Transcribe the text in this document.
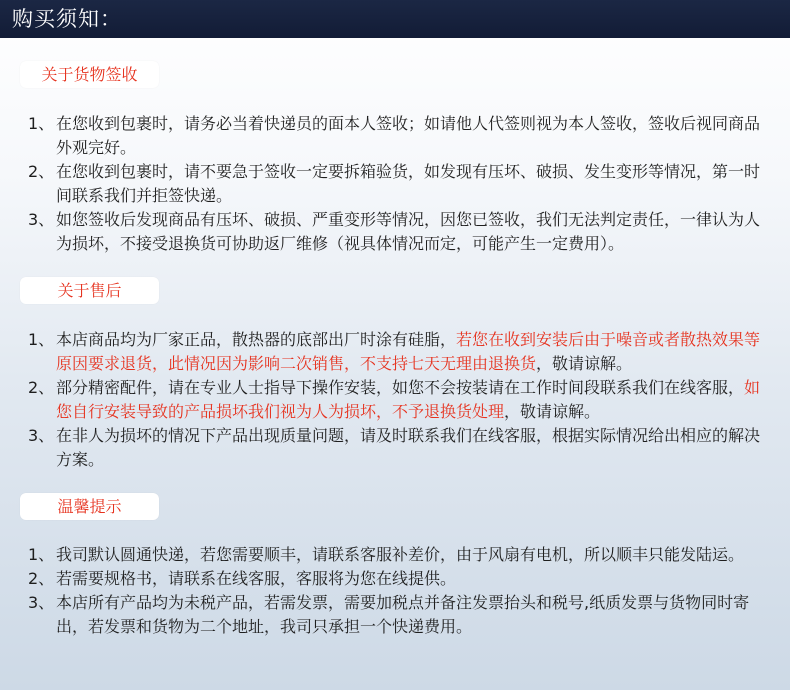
购买须知：
关于货物签收
1、 在您收到包裹时，请务必当着快递员的面本人签收；如请他人代签则视为本人签收，签收后视同商品外观完好。
2、 在您收到包裹时，请不要急于签收一定要拆箱验货，如发现有压坏、破损、发生变形等情况，第一时间联系我们并拒签快递。
3、 如您签收后发现商品有压坏、破损、严重变形等情况，因您已签收，我们无法判定责任，一律认为人为损坏，不接受退换货可协助返厂维修（视具体情况而定，可能产生一定费用）。
关于售后
1、 本店商品均为厂家正品，散热器的底部出厂时涂有硅脂，若您在收到安装后由于噪音或者散热效果等原因要求退货，此情况因为影响二次销售，不支持七天无理由退换货，敬请谅解。
2、 部分精密配件，请在专业人士指导下操作安装，如您不会按装请在工作时间段联系我们在线客服，如您自行安装导致的产品损坏我们视为人为损坏，不予退换货处理，敬请谅解。
3、 在非人为损坏的情况下产品出现质量问题，请及时联系我们在线客服，根据实际情况给出相应的解决方案。
温馨提示
1、 我司默认圆通快递，若您需要顺丰，请联系客服补差价，由于风扇有电机，所以顺丰只能发陆运。
2、 若需要规格书，请联系在线客服，客服将为您在线提供。
3、 本店所有产品均为未税产品，若需发票，需要加税点并备注发票抬头和税号,纸质发票与货物同时寄出，若发票和货物为二个地址，我司只承担一个快递费用。
